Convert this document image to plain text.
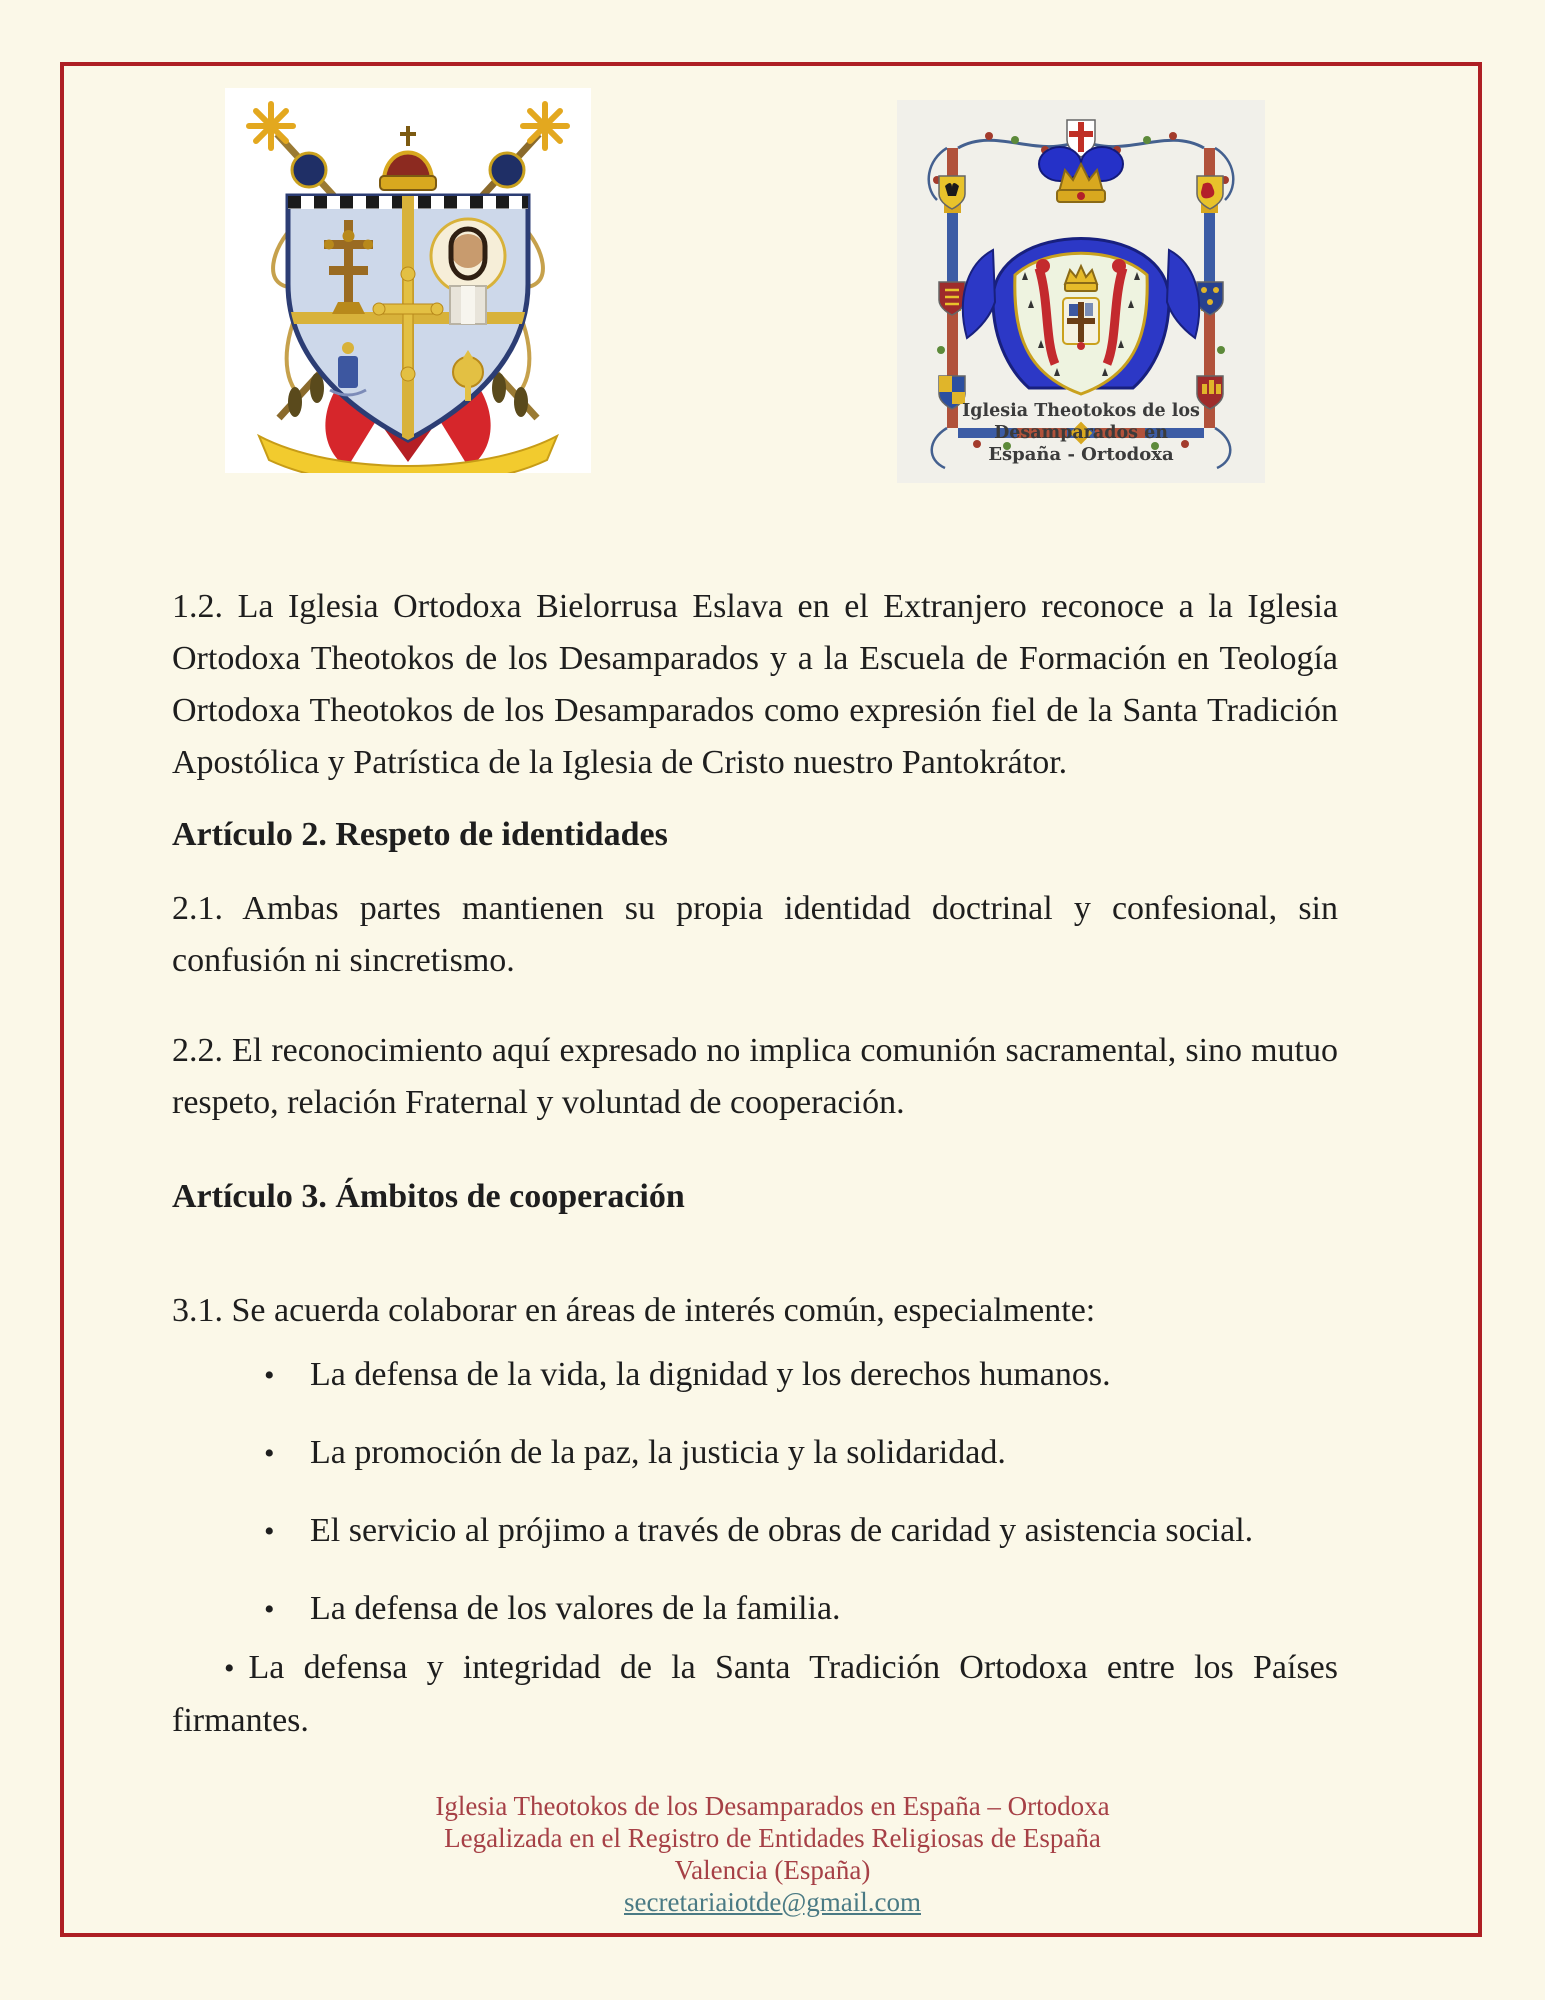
Iglesia Theotokos de los
Desamparados en
España - Ortodoxa

1.2. La Iglesia Ortodoxa Bielorrusa Eslava en el Extranjero reconoce a la Iglesia Ortodoxa Theotokos de los Desamparados y a la Escuela de Formación en Teología Ortodoxa Theotokos de los Desamparados como expresión fiel de la Santa Tradición Apostólica y Patrística de la Iglesia de Cristo nuestro Pantokrátor.

Artículo 2. Respeto de identidades

2.1. Ambas partes mantienen su propia identidad doctrinal y confesional, sin confusión ni sincretismo.

2.2. El reconocimiento aquí expresado no implica comunión sacramental, sino mutuo respeto, relación Fraternal y voluntad de cooperación.

Artículo 3. Ámbitos de cooperación

3.1. Se acuerda colaborar en áreas de interés común, especialmente:

• La defensa de la vida, la dignidad y los derechos humanos.
• La promoción de la paz, la justicia y la solidaridad.
• El servicio al prójimo a través de obras de caridad y asistencia social.
• La defensa de los valores de la familia.

• La defensa y integridad de la Santa Tradición Ortodoxa entre los Países firmantes.

Iglesia Theotokos de los Desamparados en España – Ortodoxa

Legalizada en el Registro de Entidades Religiosas de España

Valencia (España)

secretariaiotde@gmail.com
